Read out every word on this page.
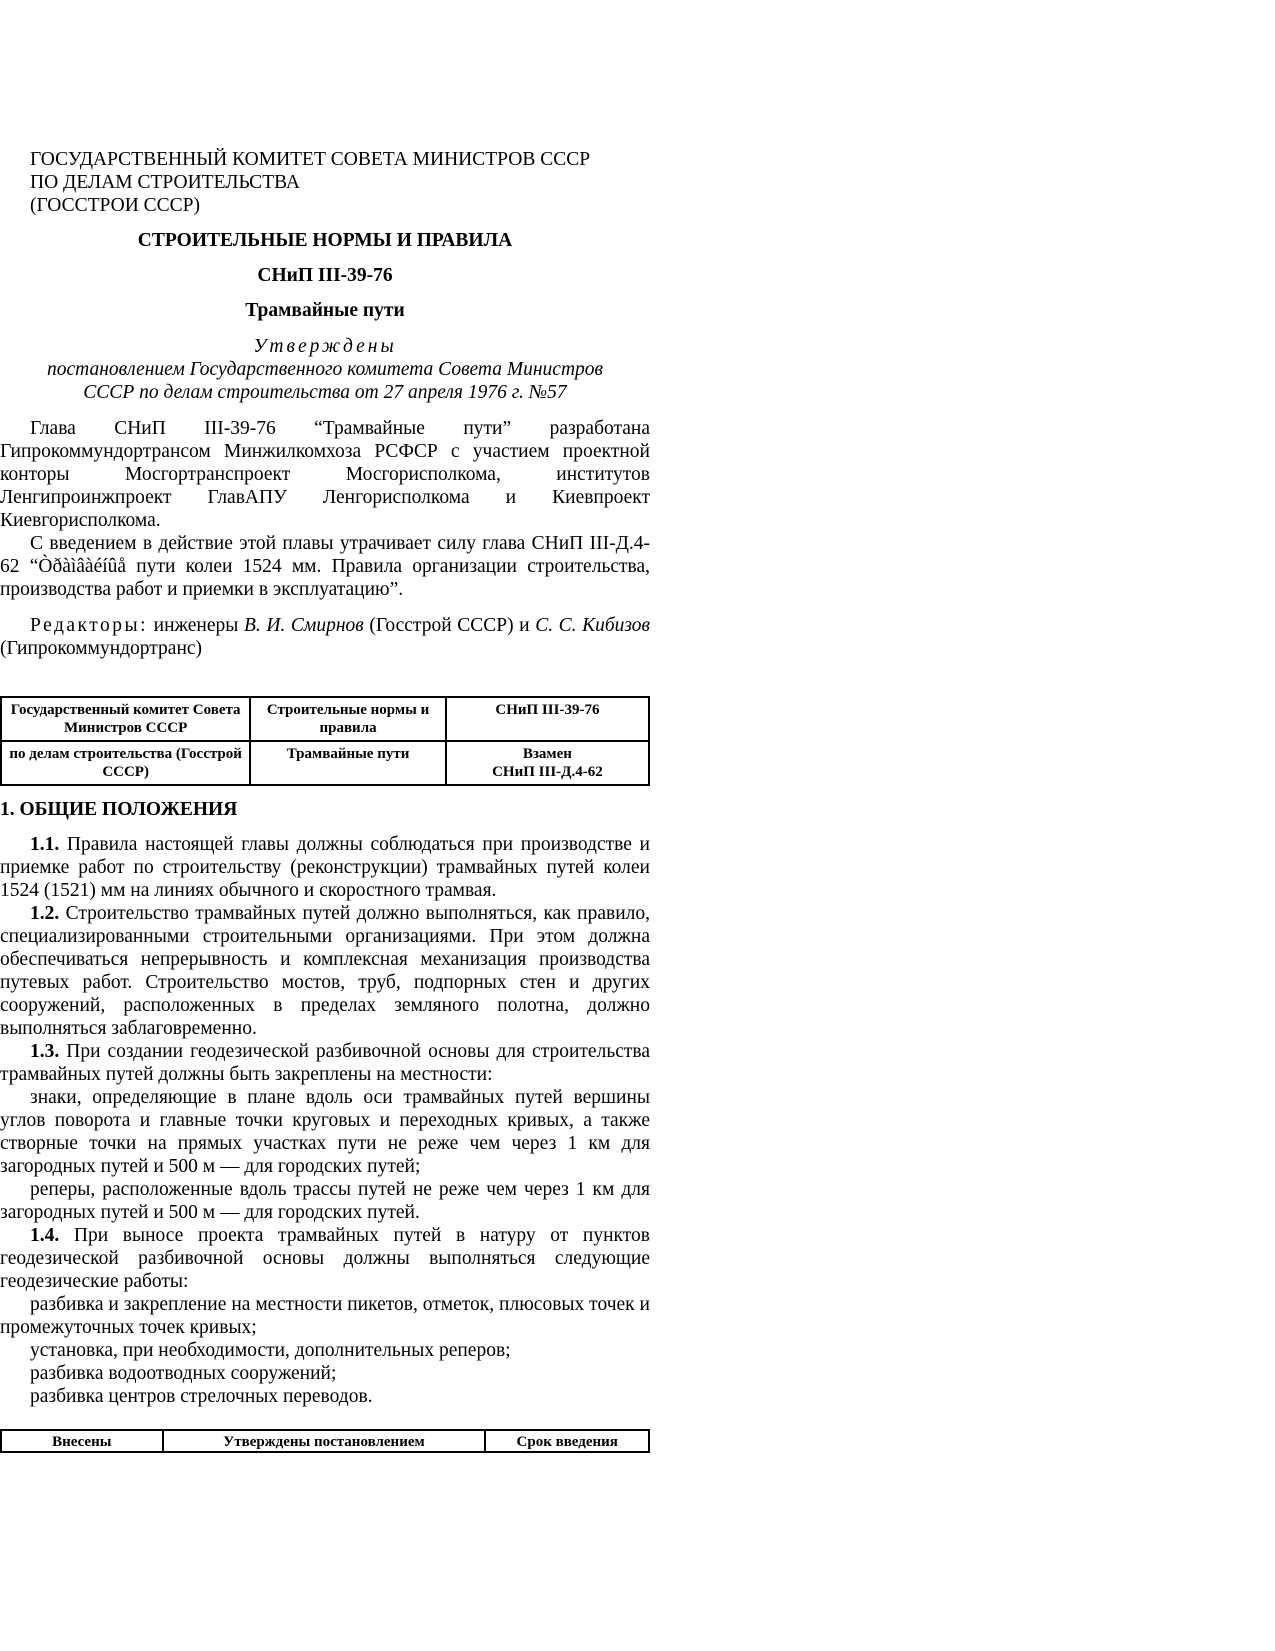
ГОСУДАРСТВЕННЫЙ КОМИТЕТ СОВЕТА МИНИСТРОВ СССР
ПО ДЕЛАМ СТРОИТЕЛЬСТВА
(ГОССТРОИ СССР)
СТРОИТЕЛЬНЫЕ НОРМЫ И ПРАВИЛА
СНиП III-39-76
Трамвайные пути
Утверждены
постановлением Государственного комитета Совета Министров
СССР по делам строительства от 27 апреля 1976 г. №57

Глава СНиП III-39-76 “Трамвайные пути” разработана Гипрокоммундортрансом Минжилкомхоза РСФСР с участием проектной конторы Мосгортранспроект Мосгорисполкома, институтов Ленгипроинжпроект ГлавАПУ Ленгорисполкома и Киевпроект Киевгорисполкома.

С введением в действие этой плавы утрачивает силу глава СНиП III-Д.4-62 “Òðàìâàéíûå пути колеи 1524 мм. Правила организации строительства, производства работ и приемки в эксплуатацию”.

Редакторы: инженеры В. И. Смирнов (Госстрой СССР) и С. С. Кибизов (Гипрокоммундортранс)

Государственный комитет Совета Министров СССР	Строительные нормы и правила	СНиП III-39-76
по делам строительства (Госстрой СССР)	Трамвайные пути	Взамен
СНиП III-Д.4-62
1. ОБЩИЕ ПОЛОЖЕНИЯ

1.1. Правила настоящей главы должны соблюдаться при производстве и приемке работ по строительству (реконструкции) трамвайных путей колеи 1524 (1521) мм на линиях обычного и скоростного трамвая.

1.2. Строительство трамвайных путей должно выполняться, как правило, специализированными строительными организациями. При этом должна обеспечиваться непрерывность и комплексная механизация производства путевых работ. Строительство мостов, труб, подпорных стен и других сооружений, расположенных в пределах земляного полотна, должно выполняться заблаговременно.

1.3. При создании геодезической разбивочной основы для строительства трамвайных путей должны быть закреплены на местности:

знаки, определяющие в плане вдоль оси трамвайных путей вершины углов поворота и главные точки круговых и переходных кривых, а также створные точки на прямых участках пути не реже чем через 1 км для загородных путей и 500 м — для городских путей;

реперы, расположенные вдоль трассы путей не реже чем через 1 км для загородных путей и 500 м — для городских путей.

1.4. При выносе проекта трамвайных путей в натуру от пунктов геодезической разбивочной основы должны выполняться следующие геодезические работы:

разбивка и закрепление на местности пикетов, отметок, плюсовых точек и промежуточных точек кривых;

установка, при необходимости, дополнительных реперов;

разбивка водоотводных сооружений;

разбивка центров стрелочных переводов.

Внесены	Утверждены постановлением	Срок введения
